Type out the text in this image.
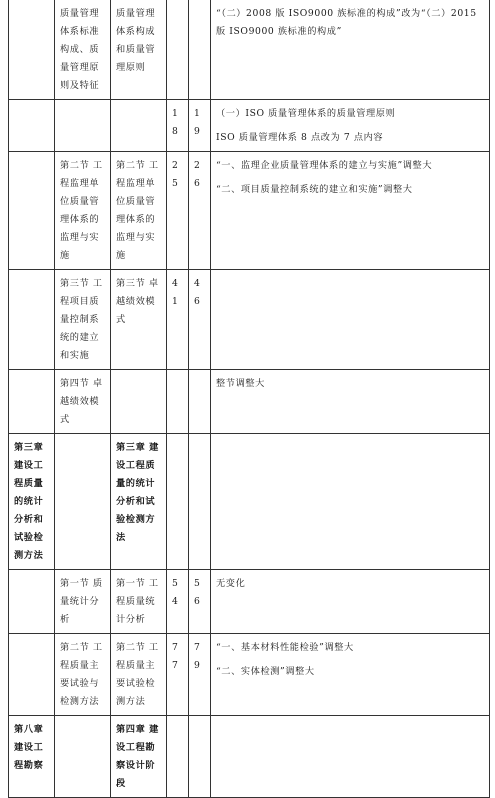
	质量管理体系标准构成、质量管理原则及特征	质量管理体系构成和质量管理原则			“（二）2008 版 ISO9000 族标准的构成”改为“（二）2015 版 ISO9000 族标准的构成”

			18	19	（一）ISO 质量管理体系的质量管理原则
ISO 质量管理体系 8 点改为 7 点内容

	第二节 工程监理单位质量管理体系的监理与实施	第二节 工程监理单位质量管理体系的监理与实施	25	26	“一、监理企业质量管理体系的建立与实施”调整大
“二、项目质量控制系统的建立和实施”调整大

	第三节 工程项目质量控制系统的建立和实施	第三节 卓越绩效模式	41	46	
	第四节 卓越绩效模式				整节调整大

第三章 建设工程质量的统计分析和试验检测方法		第三章 建设工程质量的统计分析和试验检测方法			
	第一节 质量统计分析	第一节 工程质量统计分析	54	56	无变化

	第二节 工程质量主要试验与检测方法	第二节 工程质量主要试验检测方法	77	79	“一、基本材料性能检验”调整大
“二、实体检测”调整大

第八章 建设工程勘察		第四章 建设工程勘察设计阶段			
